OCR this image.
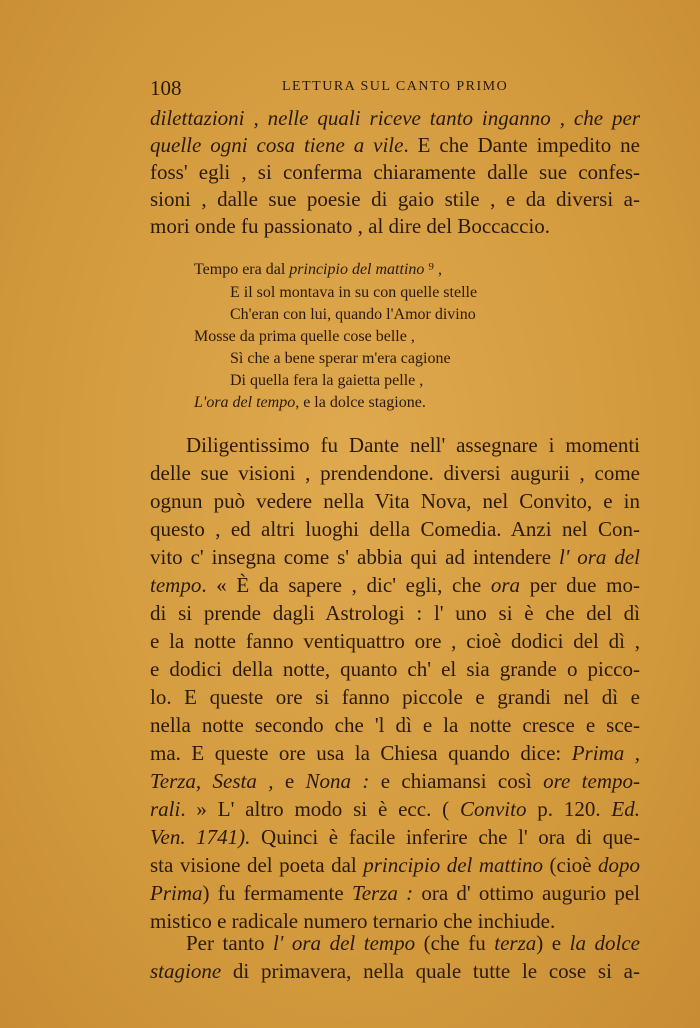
108	LETTURA SUL CANTO PRIMO
dilettazioni , nelle quali riceve tanto inganno , che per
quelle ogni cosa tiene a vile. E che Dante impedito ne
foss' egli , si conferma chiaramente dalle sue confes-
sioni , dalle sue poesie di gaio stile , e da diversi a-
mori onde fu passionato , al dire del Boccaccio.
Tempo era dal principio del mattino ⁹ ,
E il sol montava in su con quelle stelle
Ch'eran con lui, quando l'Amor divino
Mosse da prima quelle cose belle ,
Sì che a bene sperar m'era cagione
Di quella fera la gaietta pelle ,
L'ora del tempo, e la dolce stagione.
Diligentissimo fu Dante nell' assegnare i momenti
delle sue visioni , prendendone. diversi augurii , come
ognun può vedere nella Vita Nova, nel Convito, e in
questo , ed altri luoghi della Comedia. Anzi nel Con-
vito c' insegna come s' abbia qui ad intendere l' ora del
tempo. « È da sapere , dic' egli, che ora per due mo-
di si prende dagli Astrologi : l' uno si è che del dì
e la notte fanno ventiquattro ore , cioè dodici del dì ,
e dodici della notte, quanto ch' el sia grande o picco-
lo. E queste ore si fanno piccole e grandi nel dì e
nella notte secondo che 'l dì e la notte cresce e sce-
ma. E queste ore usa la Chiesa quando dice: Prima ,
Terza, Sesta , e Nona : e chiamansi così ore tempo-
rali. » L' altro modo si è ecc. ( Convito p. 120. Ed.
Ven. 1741). Quinci è facile inferire che l' ora di que-
sta visione del poeta dal principio del mattino (cioè dopo
Prima) fu fermamente Terza : ora d' ottimo augurio pel
mistico e radicale numero ternario che inchiude.
Per tanto l' ora del tempo (che fu terza) e la dolce
stagione di primavera, nella quale tutte le cose si a-
